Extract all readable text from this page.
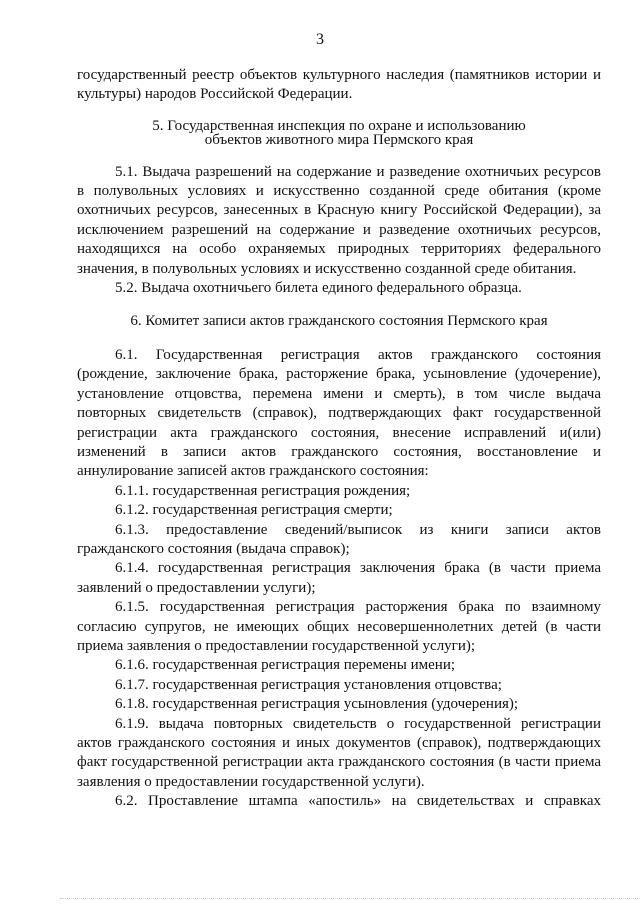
3

государственный реестр объектов культурного наследия (памятников истории и культуры) народов Российской Федерации.

5. Государственная инспекция по охране и использованию

объектов животного мира Пермского края

5.1. Выдача разрешений на содержание и разведение охотничьих ресурсов в полувольных условиях и искусственно созданной среде обитания (кроме охотничьих ресурсов, занесенных в Красную книгу Российской Федерации), за исключением разрешений на содержание и разведение охотничьих ресурсов, находящихся на особо охраняемых природных территориях федерального значения, в полувольных условиях и искусственно созданной среде обитания.

5.2. Выдача охотничьего билета единого федерального образца.

6. Комитет записи актов гражданского состояния Пермского края

6.1. Государственная регистрация актов гражданского состояния (рождение, заключение брака, расторжение брака, усыновление (удочерение), установление отцовства, перемена имени и смерть), в том числе выдача повторных свидетельств (справок), подтверждающих факт государственной регистрации акта гражданского состояния, внесение исправлений и(или) изменений в записи актов гражданского состояния, восстановление и аннулирование записей актов гражданского состояния:

6.1.1. государственная регистрация рождения;

6.1.2. государственная регистрация смерти;

6.1.3. предоставление сведений/выписок из книги записи актов гражданского состояния (выдача справок);

6.1.4. государственная регистрация заключения брака (в части приема заявлений о предоставлении услуги);

6.1.5. государственная регистрация расторжения брака по взаимному согласию супругов, не имеющих общих несовершеннолетних детей (в части приема заявления о предоставлении государственной услуги);

6.1.6. государственная регистрация перемены имени;

6.1.7. государственная регистрация установления отцовства;

6.1.8. государственная регистрация усыновления (удочерения);

6.1.9. выдача повторных свидетельств о государственной регистрации актов гражданского состояния и иных документов (справок), подтверждающих факт государственной регистрации акта гражданского состояния (в части приема заявления о предоставлении государственной услуги).

6.2. Проставление штампа «апостиль» на свидетельствах и справках
